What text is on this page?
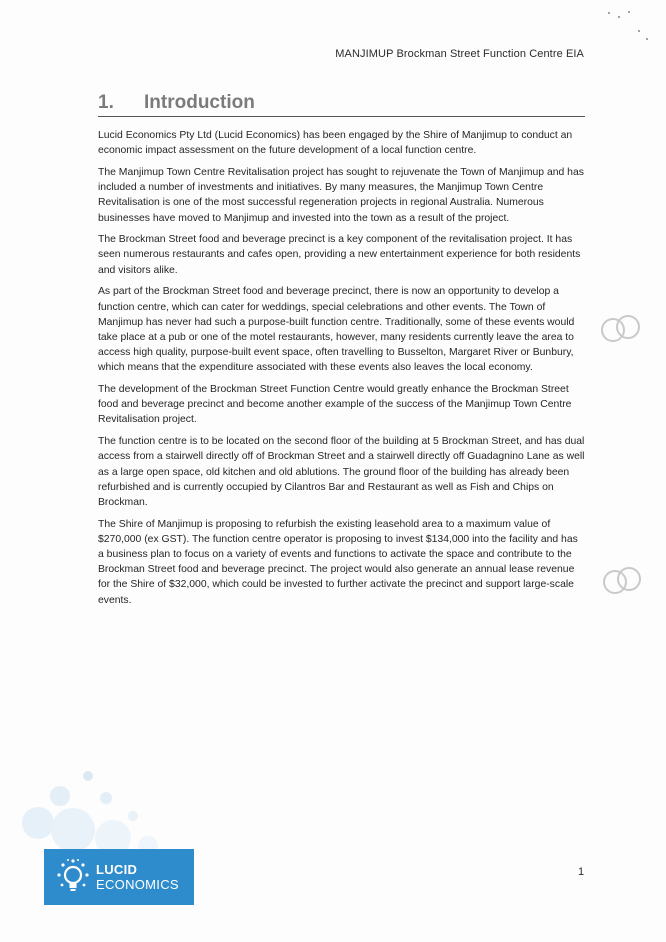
MANJIMUP Brockman Street Function Centre EIA
1.	Introduction

Lucid Economics Pty Ltd (Lucid Economics) has been engaged by the Shire of Manjimup to conduct an economic impact assessment on the future development of a local function centre.

The Manjimup Town Centre Revitalisation project has sought to rejuvenate the Town of Manjimup and has included a number of investments and initiatives. By many measures, the Manjimup Town Centre Revitalisation is one of the most successful regeneration projects in regional Australia. Numerous businesses have moved to Manjimup and invested into the town as a result of the project.

The Brockman Street food and beverage precinct is a key component of the revitalisation project. It has seen numerous restaurants and cafes open, providing a new entertainment experience for both residents and visitors alike.

As part of the Brockman Street food and beverage precinct, there is now an opportunity to develop a function centre, which can cater for weddings, special celebrations and other events. The Town of Manjimup has never had such a purpose-built function centre. Traditionally, some of these events would take place at a pub or one of the motel restaurants, however, many residents currently leave the area to access high quality, purpose-built event space, often travelling to Busselton, Margaret River or Bunbury, which means that the expenditure associated with these events also leaves the local economy.

The development of the Brockman Street Function Centre would greatly enhance the Brockman Street food and beverage precinct and become another example of the success of the Manjimup Town Centre Revitalisation project.

The function centre is to be located on the second floor of the building at 5 Brockman Street, and has dual access from a stairwell directly off of Brockman Street and a stairwell directly off Guadagnino Lane as well as a large open space, old kitchen and old ablutions. The ground floor of the building has already been refurbished and is currently occupied by Cilantros Bar and Restaurant as well as Fish and Chips on Brockman.

The Shire of Manjimup is proposing to refurbish the existing leasehold area to a maximum value of $270,000 (ex GST). The function centre operator is proposing to invest $134,000 into the facility and has a business plan to focus on a variety of events and functions to activate the space and contribute to the Brockman Street food and beverage precinct. The project would also generate an annual lease revenue for the Shire of $32,000, which could be invested to further activate the precinct and support large-scale events.

LUCID
ECONOMICS
1
